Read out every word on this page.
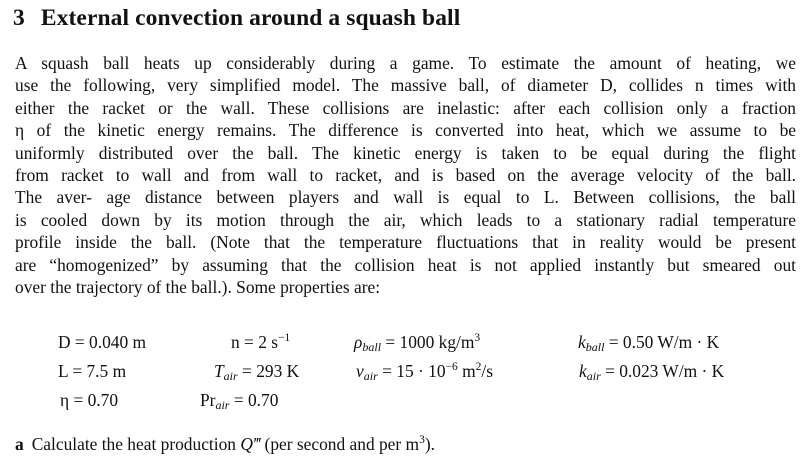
3 External convection around a squash ball
A squash ball heats up considerably during a game. To estimate the amount of heating, we
use the following, very simplified model. The massive ball, of diameter D, collides n times with
either the racket or the wall. These collisions are inelastic: after each collision only a fraction
η of the kinetic energy remains. The difference is converted into heat, which we assume to be
uniformly distributed over the ball. The kinetic energy is taken to be equal during the flight
from racket to wall and from wall to racket, and is based on the average velocity of the ball.
The aver- age distance between players and wall is equal to L. Between collisions, the ball
is cooled down by its motion through the air, which leads to a stationary radial temperature
profile inside the ball. (Note that the temperature fluctuations that in reality would be present
are “homogenized” by assuming that the collision heat is not applied instantly but smeared out
over the trajectory of the ball.). Some properties are:
D = 0.040 m	n = 2 $s^{-1}$	$\rho_{ball} = 1000$ $kg/m^3$	$k_{ball} = 0.50$ W/m · K
L = 7.5 m	$T_{air} = 293$ K	$\nu_{air} = 15 \cdot 10^{-6}$ $m^2/s$	$k_{air} = 0.023$ W/m · K
η = 0.70	$Pr_{air} = 0.70$
a Calculate the heat production Q‴ (per second and per $m^3$).
